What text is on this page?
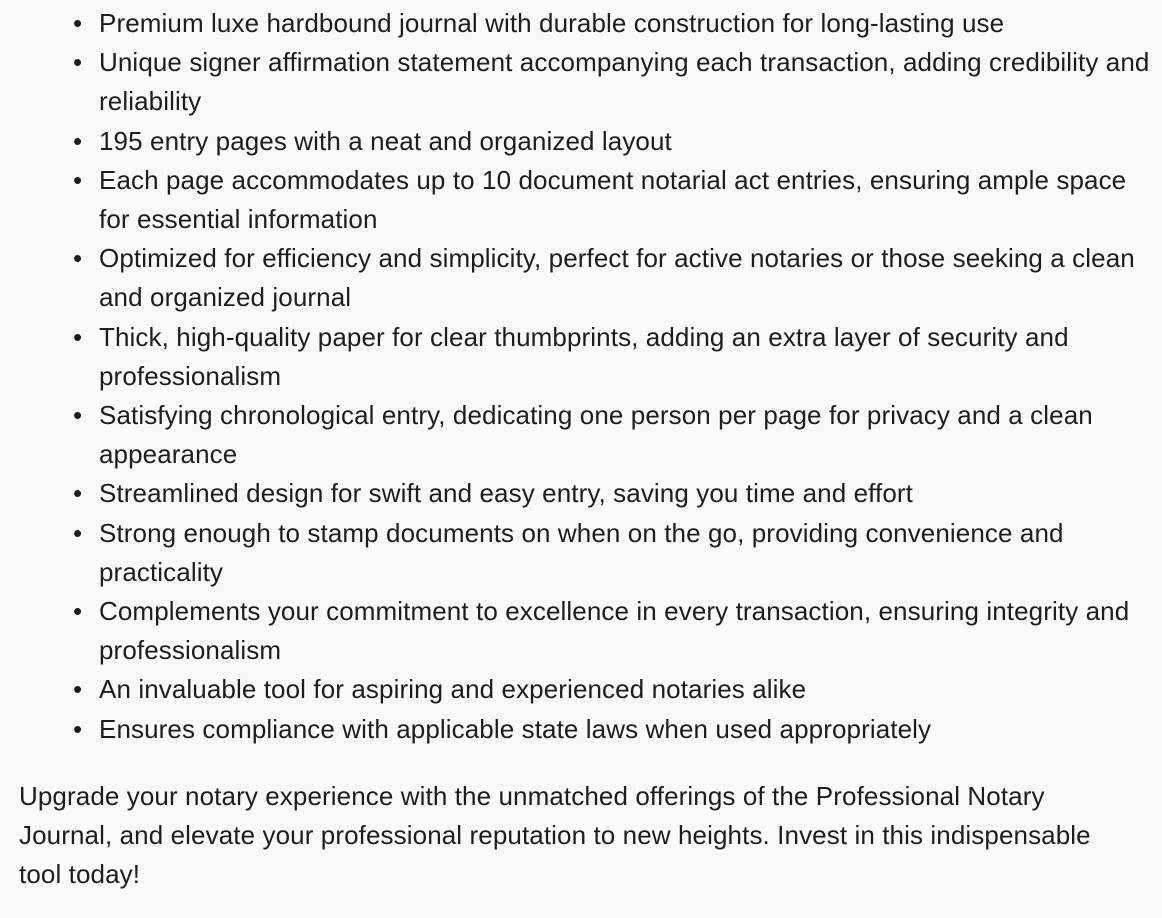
• Premium luxe hardbound journal with durable construction for long-lasting use
• Unique signer affirmation statement accompanying each transaction, adding credibility and reliability
• 195 entry pages with a neat and organized layout
• Each page accommodates up to 10 document notarial act entries, ensuring ample space for essential information
• Optimized for efficiency and simplicity, perfect for active notaries or those seeking a clean and organized journal
• Thick, high-quality paper for clear thumbprints, adding an extra layer of security and professionalism
• Satisfying chronological entry, dedicating one person per page for privacy and a clean appearance
• Streamlined design for swift and easy entry, saving you time and effort
• Strong enough to stamp documents on when on the go, providing convenience and practicality
• Complements your commitment to excellence in every transaction, ensuring integrity and professionalism
• An invaluable tool for aspiring and experienced notaries alike
• Ensures compliance with applicable state laws when used appropriately

Upgrade your notary experience with the unmatched offerings of the Professional Notary Journal, and elevate your professional reputation to new heights. Invest in this indispensable tool today!
